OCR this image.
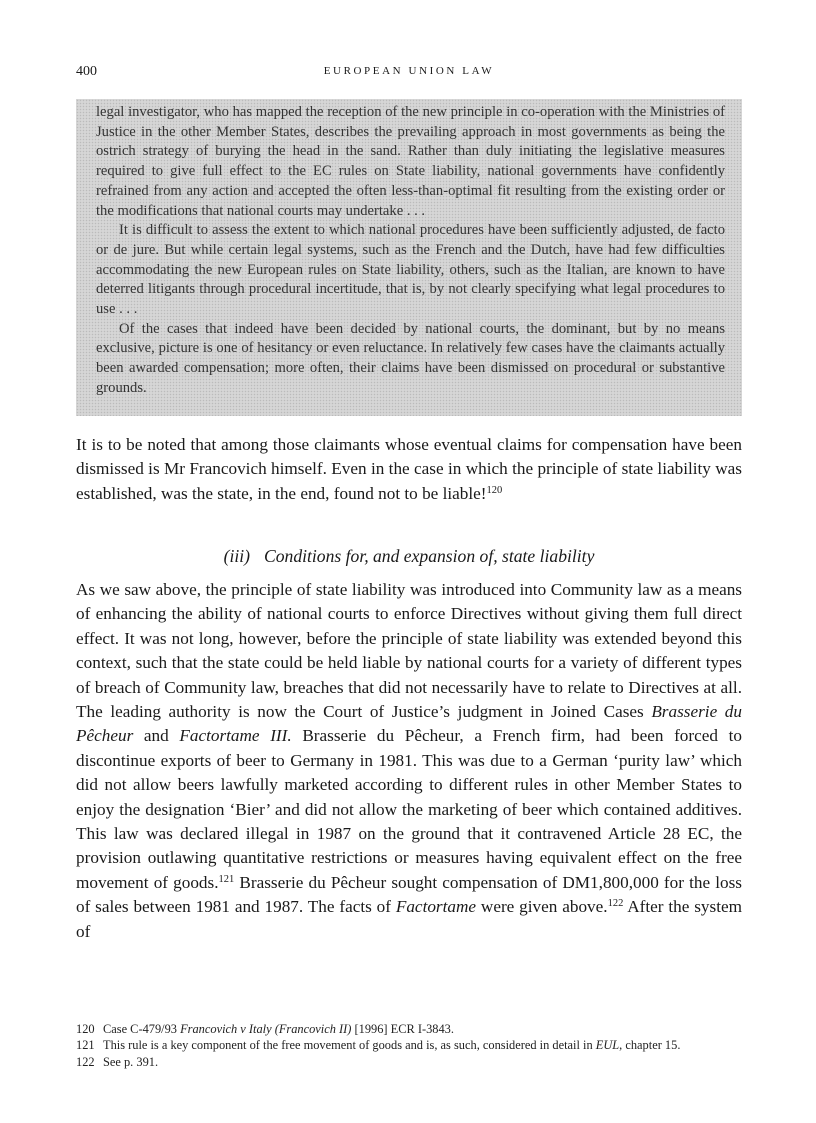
400	EUROPEAN UNION LAW

legal investigator, who has mapped the reception of the new principle in co-operation with the Ministries of Justice in the other Member States, describes the prevailing approach in most governments as being the ostrich strategy of burying the head in the sand. Rather than duly initiating the legislative measures required to give full effect to the EC rules on State liability, national governments have confidently refrained from any action and accepted the often less-than-optimal fit resulting from the existing order or the modifications that national courts may undertake . . .

It is difficult to assess the extent to which national procedures have been sufficiently adjusted, de facto or de jure. But while certain legal systems, such as the French and the Dutch, have had few difficulties accommodating the new European rules on State liability, others, such as the Italian, are known to have deterred litigants through procedural incertitude, that is, by not clearly specifying what legal procedures to use . . .

Of the cases that indeed have been decided by national courts, the dominant, but by no means exclusive, picture is one of hesitancy or even reluctance. In relatively few cases have the claimants actually been awarded compensation; more often, their claims have been dismissed on procedural or substantive grounds.

It is to be noted that among those claimants whose eventual claims for compensation have been dismissed is Mr Francovich himself. Even in the case in which the principle of state liability was established, was the state, in the end, found not to be liable!$^{120}$

(iii) Conditions for, and expansion of, state liability

As we saw above, the principle of state liability was introduced into Community law as a means of enhancing the ability of national courts to enforce Directives without giving them full direct effect. It was not long, however, before the principle of state liability was extended beyond this context, such that the state could be held liable by national courts for a variety of different types of breach of Community law, breaches that did not necessarily have to relate to Directives at all. The leading authority is now the Court of Justice’s judgment in Joined Cases Brasserie du Pêcheur and Factortame III. Brasserie du Pêcheur, a French firm, had been forced to discontinue exports of beer to Germany in 1981. This was due to a German ‘purity law’ which did not allow beers lawfully marketed according to different rules in other Member States to enjoy the designation ‘Bier’ and did not allow the marketing of beer which contained additives. This law was declared illegal in 1987 on the ground that it contravened Article 28 EC, the provision outlawing quantitative restrictions or measures having equivalent effect on the free movement of goods.$^{121}$ Brasserie du Pêcheur sought compensation of DM1,800,000 for the loss of sales between 1981 and 1987. The facts of Factortame were given above.$^{122}$ After the system of

120 Case C-479/93 Francovich v Italy (Francovich II) [1996] ECR I-3843.
121 This rule is a key component of the free movement of goods and is, as such, considered in detail in EUL, chapter 15.
122 See p. 391.
